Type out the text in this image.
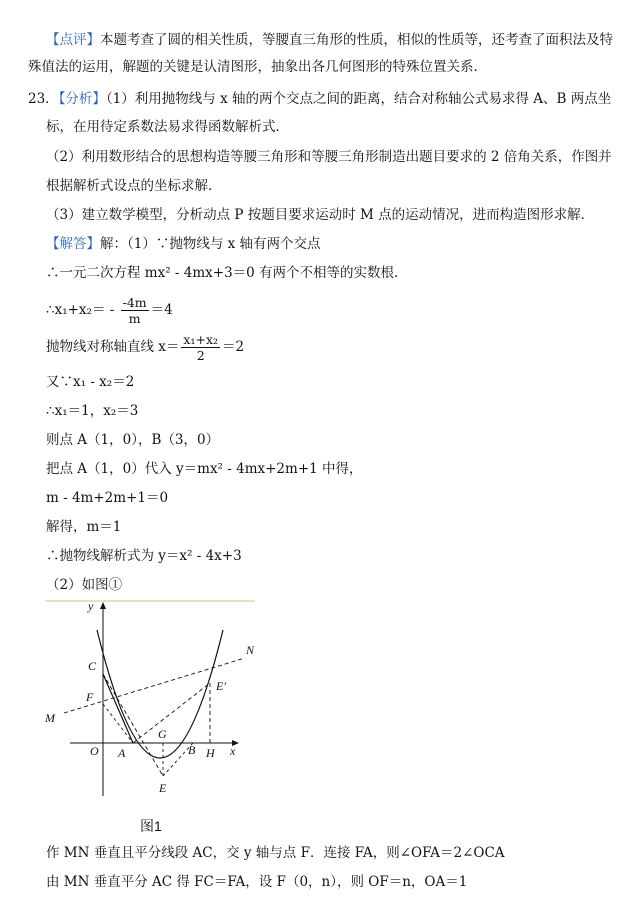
【点评】本题考查了圆的相关性质，等腰直三角形的性质，相似的性质等，还考查了面积法及特
殊值法的运用，解题的关键是认清图形，抽象出各几何图形的特殊位置关系．
23．【分析】（1）利用抛物线与 x 轴的两个交点之间的距离，结合对称轴公式易求得 A、B 两点坐
标，在用待定系数法易求得函数解析式．
（2）利用数形结合的思想构造等腰三角形和等腰三角形制造出题目要求的 2 倍角关系，作图并
根据解析式设点的坐标求解．
（3）建立数学模型，分析动点 P 按题目要求运动时 M 点的运动情况，进而构造图形求解．
【解答】解：（1）∵抛物线与 x 轴有两个交点
∴一元二次方程 mx² - 4mx+3＝0 有两个不相等的实数根．
∴x₁+x₂＝ - $\frac{-4m}{m} =4$
抛物线对称轴直线 $x= \frac{\text{x₁+x₂}}{2} =2$
又∵x₁ - x₂＝2
∴x₁＝1，x₂＝3
则点 A（1，0），B（3，0）
把点 A（1，0）代入 y＝mx² - 4mx+2m+1 中得，
m - 4m+2m+1＝0
解得，m＝1
∴抛物线解析式为 y＝x² - 4x+3
（2）如图①
y
x
O A	B
C
E
E′
F
G
H
M
N
图1
作 MN 垂直且平分线段 AC，交 y 轴与点 F．连接 FA，则∠OFA＝2∠OCA
由 MN 垂直平分 AC 得 FC＝FA，设 F（0，n），则 OF＝n，OA＝1
